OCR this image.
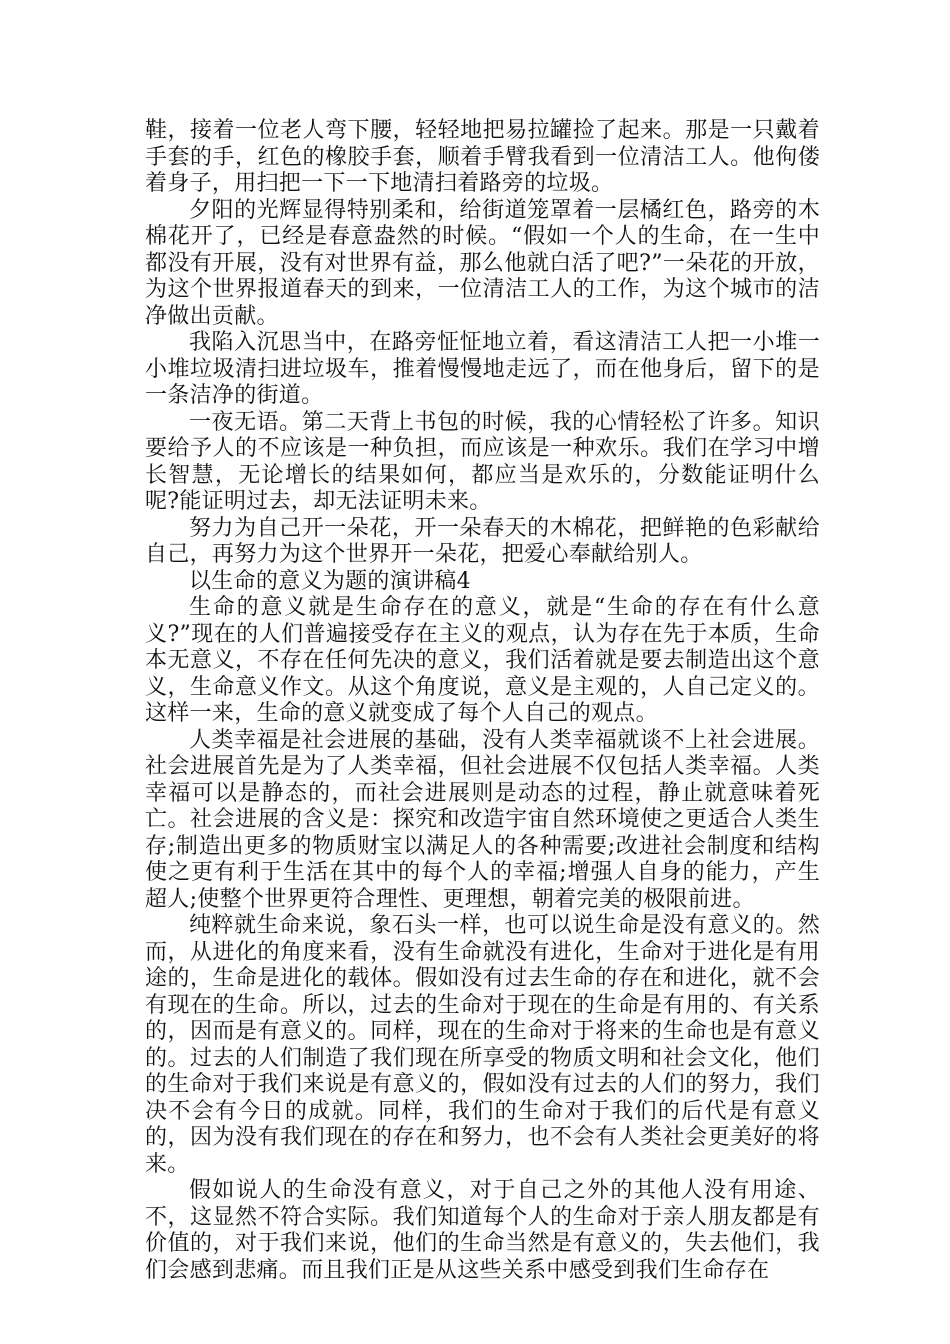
鞋，接着一位老人弯下腰，轻轻地把易拉罐捡了起来。那是一只戴着手套的手，红色的橡胶手套，顺着手臂我看到一位清洁工人。他佝偻着身子，用扫把一下一下地清扫着路旁的垃圾。

夕阳的光辉显得特别柔和，给街道笼罩着一层橘红色，路旁的木棉花开了，已经是春意盎然的时候。“假如一个人的生命，在一生中都没有开展，没有对世界有益，那么他就白活了吧?”一朵花的开放，为这个世界报道春天的到来，一位清洁工人的工作，为这个城市的洁净做出贡献。

我陷入沉思当中，在路旁怔怔地立着，看这清洁工人把一小堆一小堆垃圾清扫进垃圾车，推着慢慢地走远了，而在他身后，留下的是一条洁净的街道。

一夜无语。第二天背上书包的时候，我的心情轻松了许多。知识要给予人的不应该是一种负担，而应该是一种欢乐。我们在学习中增长智慧，无论增长的结果如何，都应当是欢乐的，分数能证明什么呢?能证明过去，却无法证明未来。

努力为自己开一朵花，开一朵春天的木棉花，把鲜艳的色彩献给自己，再努力为这个世界开一朵花，把爱心奉献给别人。

以生命的意义为题的演讲稿4

生命的意义就是生命存在的意义，就是“生命的存在有什么意义?”现在的人们普遍接受存在主义的观点，认为存在先于本质，生命本无意义，不存在任何先决的意义，我们活着就是要去制造出这个意义，生命意义作文。从这个角度说，意义是主观的，人自己定义的。这样一来，生命的意义就变成了每个人自己的观点。

人类幸福是社会进展的基础，没有人类幸福就谈不上社会进展。社会进展首先是为了人类幸福，但社会进展不仅包括人类幸福。人类幸福可以是静态的，而社会进展则是动态的过程，静止就意味着死亡。社会进展的含义是：探究和改造宇宙自然环境使之更适合人类生存;制造出更多的物质财宝以满足人的各种需要;改进社会制度和结构使之更有利于生活在其中的每个人的幸福;增强人自身的能力，产生超人;使整个世界更符合理性、更理想，朝着完美的极限前进。

纯粹就生命来说，象石头一样，也可以说生命是没有意义的。然而，从进化的角度来看，没有生命就没有进化，生命对于进化是有用途的，生命是进化的载体。假如没有过去生命的存在和进化，就不会有现在的生命。所以，过去的生命对于现在的生命是有用的、有关系的，因而是有意义的。同样，现在的生命对于将来的生命也是有意义的。过去的人们制造了我们现在所享受的物质文明和社会文化，他们的生命对于我们来说是有意义的，假如没有过去的人们的努力，我们决不会有今日的成就。同样，我们的生命对于我们的后代是有意义的，因为没有我们现在的存在和努力，也不会有人类社会更美好的将来。

假如说人的生命没有意义，对于自己之外的其他人没有用途、不，这显然不符合实际。我们知道每个人的生命对于亲人朋友都是有价值的，对于我们来说，他们的生命当然是有意义的，失去他们，我们会感到悲痛。而且我们正是从这些关系中感受到我们生命存在
